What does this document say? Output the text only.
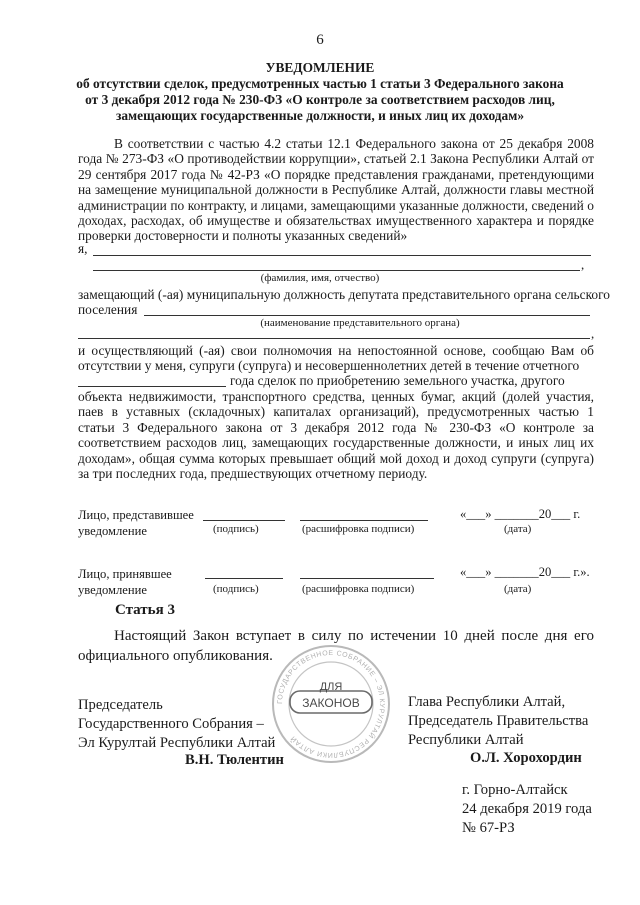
6
УВЕДОМЛЕНИЕ
об отсутствии сделок, предусмотренных частью 1 статьи 3 Федерального закона
от 3 декабря 2012 года № 230-ФЗ «О контроле за соответствием расходов лиц,
замещающих государственные должности, и иных лиц их доходам»
В соответствии с частью 4.2 статьи 12.1 Федерального закона от 25 декабря 2008 года № 273-ФЗ «О противодействии коррупции», статьей 2.1 Закона Республики Алтай от 29 сентября 2017 года № 42-РЗ «О порядке представления гражданами, претендующими на замещение муниципальной должности в Республике Алтай, должности главы местной администрации по контракту, и лицами, замещающими указанные должности, сведений о доходах, расходах, об имуществе и обязательствах имущественного характера и порядке проверки достоверности и полноты указанных сведений»
я,
,
(фамилия, имя, отчество)
замещающий (-ая) муниципальную должность депутата представительного органа сельского
поселения
(наименование представительного органа)
,
и осуществляющий (-ая) свои полномочия на непостоянной основе, сообщаю Вам об отсутствии у меня, супруги (супруга) и несовершеннолетних детей в течение отчетного
года сделок по приобретению земельного участка, другого
объекта недвижимости, транспортного средства, ценных бумаг, акций (долей участия, паев в уставных (складочных) капиталах организаций), предусмотренных частью 1 статьи 3 Федерального закона от 3 декабря 2012 года № 230-ФЗ «О контроле за соответствием расходов лиц, замещающих государственные должности, и иных лиц их доходам», общая сумма которых превышает общий мой доход и доход супруги (супруга) за три последних года, предшествующих отчетному периоду.
Лицо, представившее
уведомление
«___» _______20___ г.
(подпись)	(расшифровка подписи)	(дата)
Лицо, принявшее
уведомление
«___» _______20___ г.».
(подпись)	(расшифровка подписи)	(дата)
Статья 3
Настоящий Закон вступает в силу по истечении 10 дней после дня его официального опубликования.
Председатель
Государственного Собрания –
Эл Курултай Республики Алтай
В.Н. Тюлентин
Глава Республики Алтай,
Председатель Правительства
Республики Алтай
О.Л. Хорохордин
ГОСУДАРСТВЕННОЕ СОБРАНИЕ – ЭЛ КУРУЛТАЙ РЕСПУБЛИКИ АЛТАЙ
ДЛЯ
ЗАКОНОВ
г. Горно-Алтайск
24 декабря 2019 года
№ 67-РЗ
